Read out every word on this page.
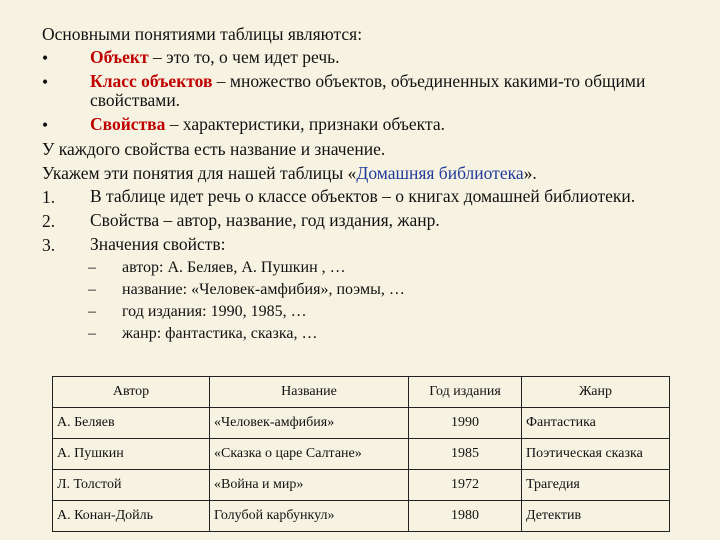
Основными понятиями таблицы являются:
•	Объект – это то, о чем идет речь.
•	Класс объектов – множество объектов, объединенных какими-то общими свойствами.
•	Свойства – характеристики, признаки объекта.
У каждого свойства есть название и значение.
Укажем эти понятия для нашей таблицы «Домашняя библиотека».
1.	В таблице идет речь о классе объектов – о книгах домашней библиотеки.
2.	Свойства – автор, название, год издания, жанр.
3.	Значения свойств:
–	автор: А. Беляев, А. Пушкин , …
–	название: «Человек-амфибия», поэмы, …
–	год издания: 1990, 1985, …
–	жанр: фантастика, сказка, …
Автор	Название	Год издания	Жанр
А. Беляев	«Человек-амфибия»	1990	Фантастика
А. Пушкин	«Сказка о царе Салтане»	1985	Поэтическая сказка
Л. Толстой	«Война и мир»	1972	Трагедия
А. Конан-Дойль	Голубой карбункул»	1980	Детектив
